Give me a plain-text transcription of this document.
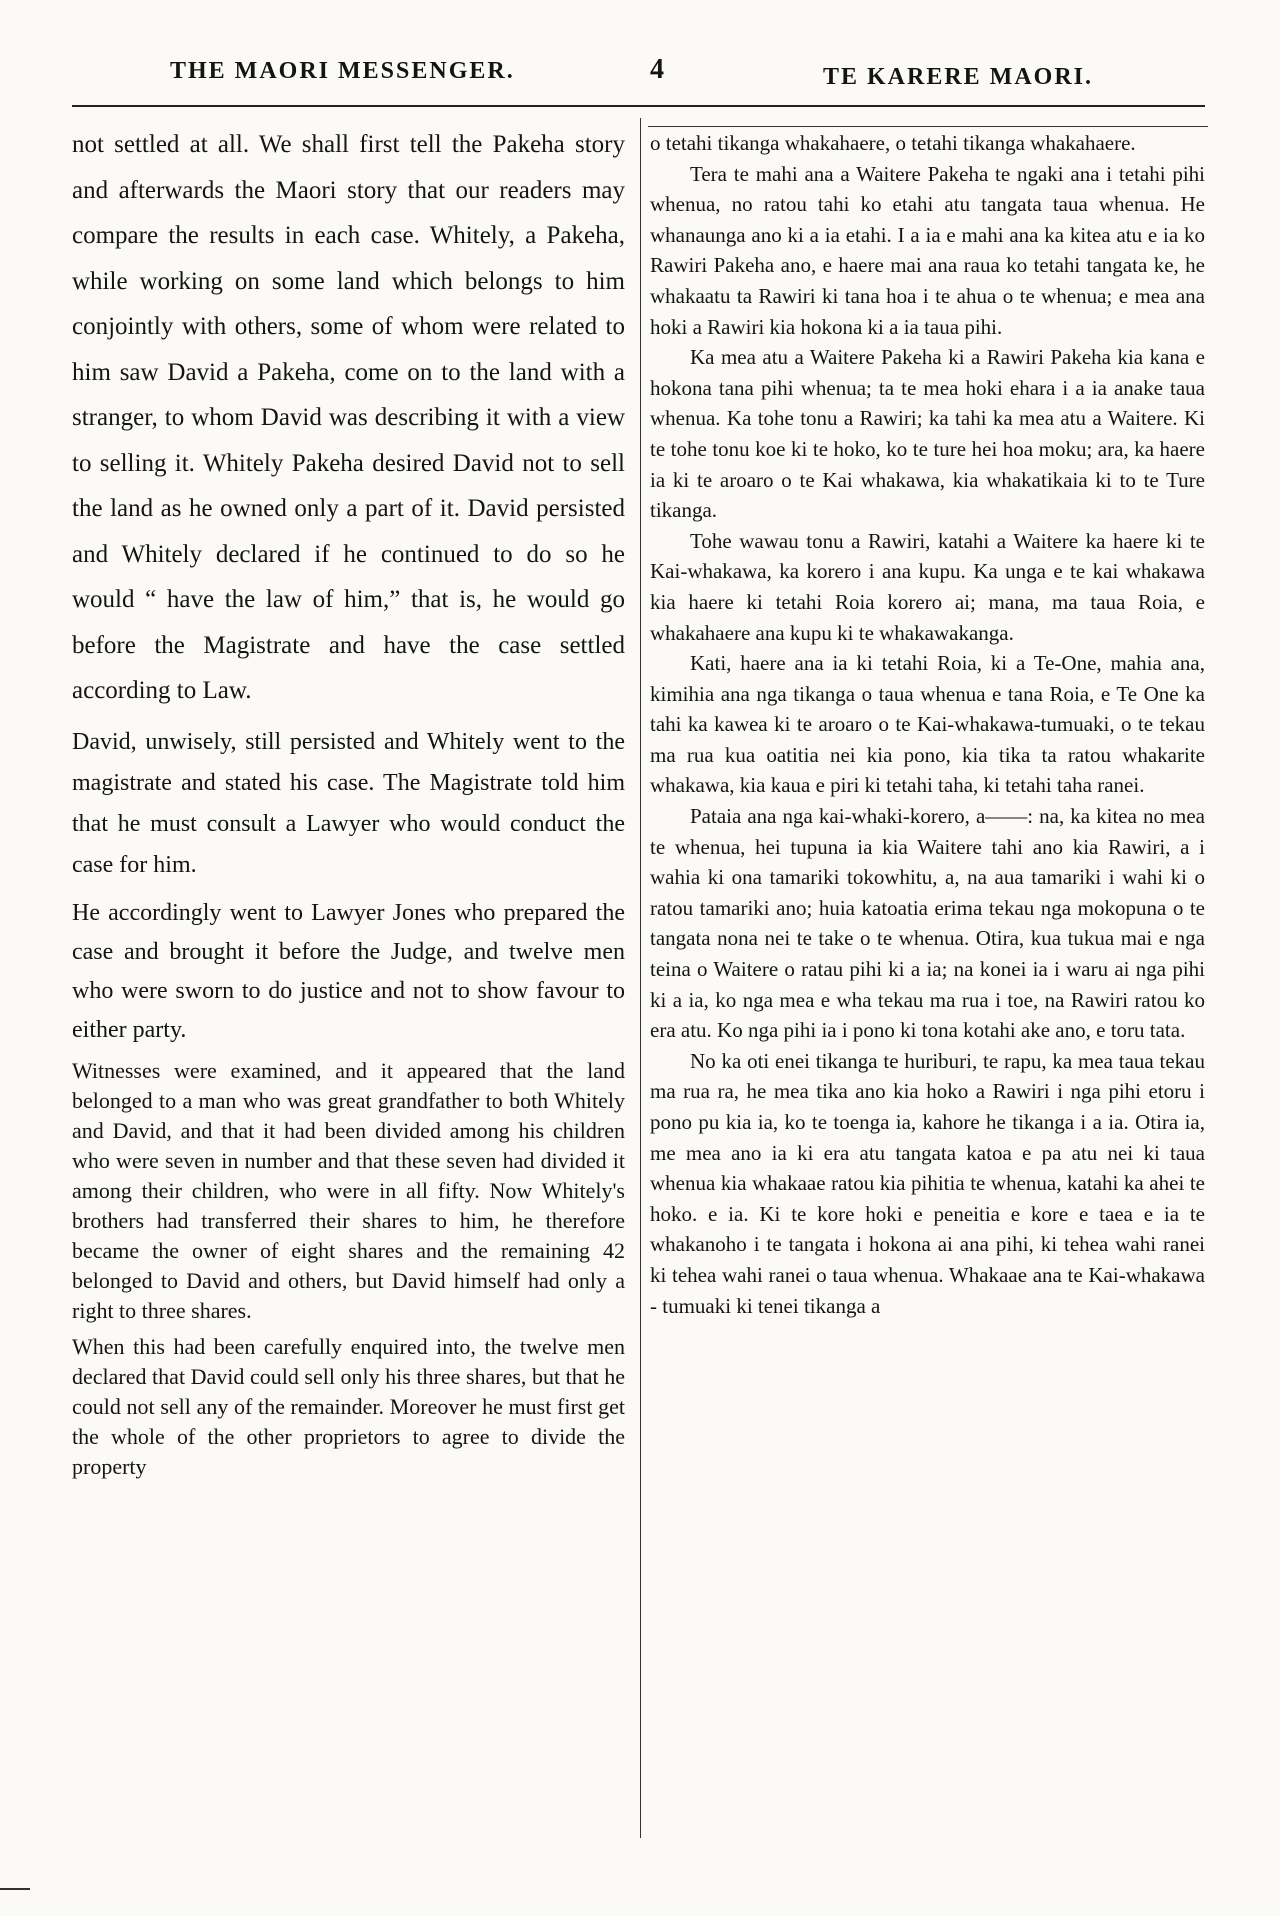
THE MAORI MESSENGER.	4	TE KARERE MAORI.

not settled at all. We shall first tell the Pakeha story and afterwards the Maori story that our readers may compare the results in each case. Whitely, a Pakeha, while working on some land which belongs to him conjointly with others, some of whom were related to him saw David a Pakeha, come on to the land with a stranger, to whom David was describing it with a view to selling it. Whitely Pakeha desired David not to sell the land as he owned only a part of it. David persisted and Whitely declared if he continued to do so he would “ have the law of him,” that is, he would go before the Magistrate and have the case settled according to Law.

David, unwisely, still persisted and Whitely went to the magistrate and stated his case. The Magistrate told him that he must consult a Lawyer who would conduct the case for him.

He accordingly went to Lawyer Jones who prepared the case and brought it before the Judge, and twelve men who were sworn to do justice and not to show favour to either party.

Witnesses were examined, and it appeared that the land belonged to a man who was great grandfather to both Whitely and David, and that it had been divided among his children who were seven in number and that these seven had divided it among their children, who were in all fifty. Now Whitely's brothers had transferred their shares to him, he therefore became the owner of eight shares and the remaining 42 belonged to David and others, but David himself had only a right to three shares.

When this had been carefully enquired into, the twelve men declared that David could sell only his three shares, but that he could not sell any of the remainder. Moreover he must first get the whole of the other proprietors to agree to divide the property

o tetahi tikanga whakahaere, o tetahi tikanga whakahaere.

Tera te mahi ana a Waitere Pakeha te ngaki ana i tetahi pihi whenua, no ratou tahi ko etahi atu tangata taua whenua. He whanaunga ano ki a ia etahi. I a ia e mahi ana ka kitea atu e ia ko Rawiri Pakeha ano, e haere mai ana raua ko tetahi tangata ke, he whakaatu ta Rawiri ki tana hoa i te ahua o te whenua; e mea ana hoki a Rawiri kia hokona ki a ia taua pihi.

Ka mea atu a Waitere Pakeha ki a Rawiri Pakeha kia kana e hokona tana pihi whenua; ta te mea hoki ehara i a ia anake taua whenua. Ka tohe tonu a Rawiri; ka tahi ka mea atu a Waitere. Ki te tohe tonu koe ki te hoko, ko te ture hei hoa moku; ara, ka haere ia ki te aroaro o te Kai whakawa, kia whakatikaia ki to te Ture tikanga.

Tohe wawau tonu a Rawiri, katahi a Waitere ka haere ki te Kai-whakawa, ka korero i ana kupu. Ka unga e te kai whakawa kia haere ki tetahi Roia korero ai; mana, ma taua Roia, e whakahaere ana kupu ki te whakawakanga.

Kati, haere ana ia ki tetahi Roia, ki a Te-One, mahia ana, kimihia ana nga tikanga o taua whenua e tana Roia, e Te One ka tahi ka kawea ki te aroaro o te Kai-whakawa-tumuaki, o te tekau ma rua kua oatitia nei kia pono, kia tika ta ratou whakarite whakawa, kia kaua e piri ki tetahi taha, ki tetahi taha ranei.

Pataia ana nga kai-whaki-korero, a——: na, ka kitea no mea te whenua, hei tupuna ia kia Waitere tahi ano kia Rawiri, a i wahia ki ona tamariki tokowhitu, a, na aua tamariki i wahi ki o ratou tamariki ano; huia katoatia erima tekau nga mokopuna o te tangata nona nei te take o te whenua. Otira, kua tukua mai e nga teina o Waitere o ratau pihi ki a ia; na konei ia i waru ai nga pihi ki a ia, ko nga mea e wha tekau ma rua i toe, na Rawiri ratou ko era atu. Ko nga pihi ia i pono ki tona kotahi ake ano, e toru tata.

No ka oti enei tikanga te huriburi, te rapu, ka mea taua tekau ma rua ra, he mea tika ano kia hoko a Rawiri i nga pihi etoru i pono pu kia ia, ko te toenga ia, kahore he tikanga i a ia. Otira ia, me mea ano ia ki era atu tangata katoa e pa atu nei ki taua whenua kia whakaae ratou kia pihitia te whenua, katahi ka ahei te hoko. e ia. Ki te kore hoki e peneitia e kore e taea e ia te whakanoho i te tangata i hokona ai ana pihi, ki tehea wahi ranei ki tehea wahi ranei o taua whenua. Whakaae ana te Kai-whakawa - tumuaki ki tenei tikanga a
